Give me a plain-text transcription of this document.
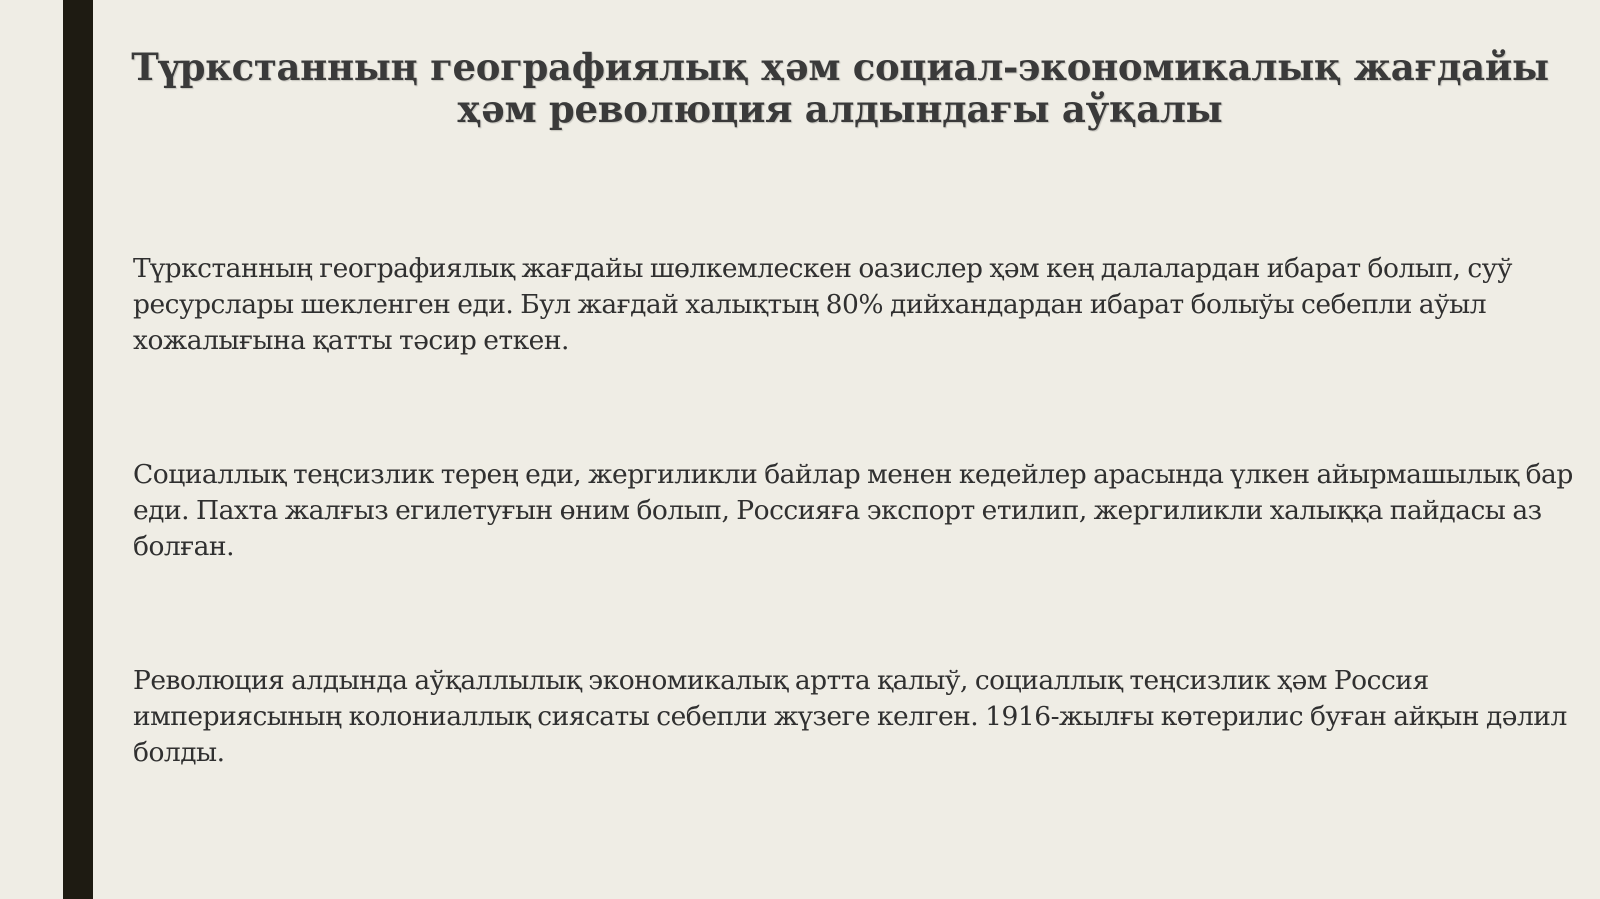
Түркстанның географиялық ҳәм социал-экономикалық жағдайы ҳәм революция алдындағы аўқалы

Түркстанның географиялық жағдайы шөлкемлескен оазислер ҳәм кең далалардан ибарат болып, суў ресурслары шекленген еди. Бул жағдай халықтың 80% дийхандардан ибарат болыўы себепли аўыл хожалығына қатты тәсир еткен.

Социаллық теңсизлик терең еди, жергиликли байлар менен кедейлер арасында үлкен айырмашылық бар еди. Пахта жалғыз егилетуғын өним болып, Россияға экспорт етилип, жергиликли халыққа пайдасы аз болған.

Революция алдында аўқаллылық экономикалық артта қалыў, социаллық теңсизлик ҳәм Россия империясының колониаллық сиясаты себепли жүзеге келген. 1916-жылғы көтерилис буған айқын дәлил болды.
